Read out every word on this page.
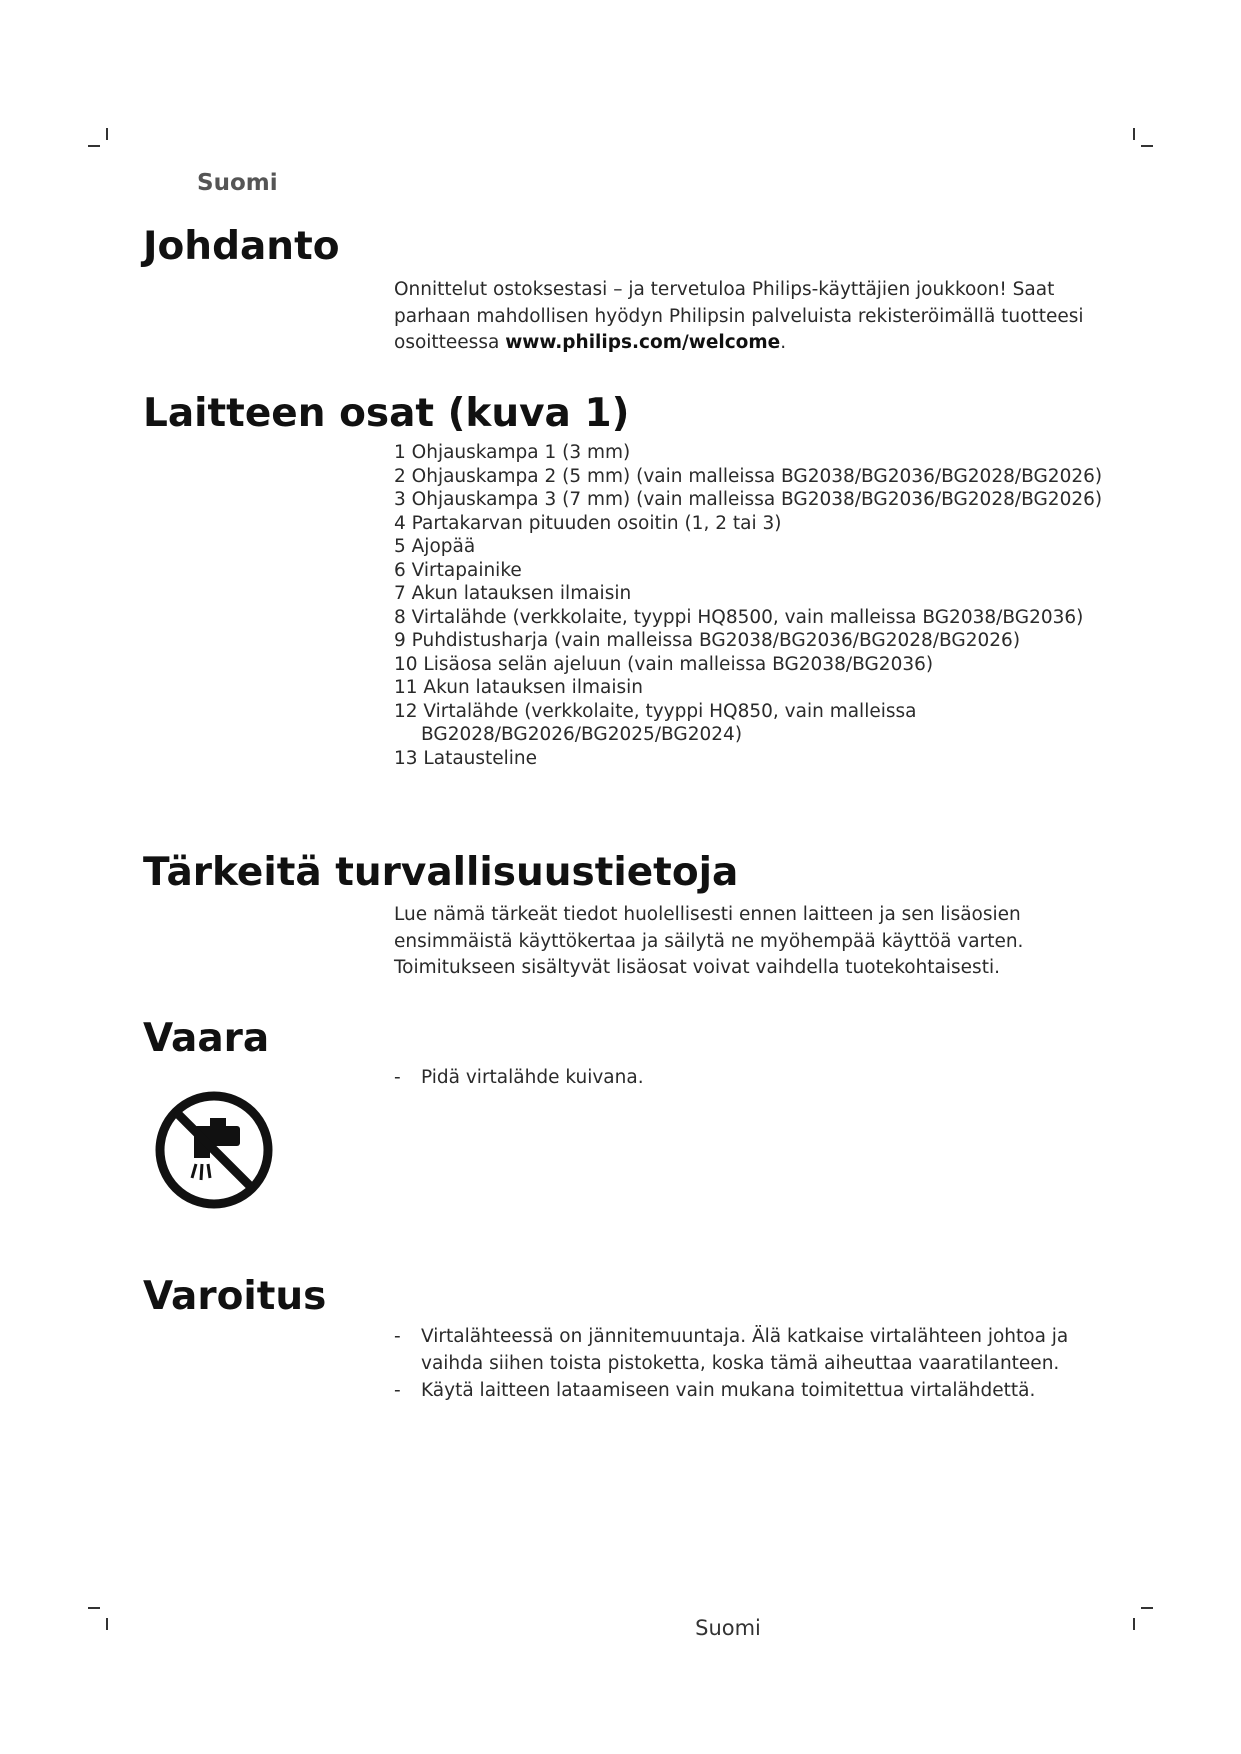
Suomi
Johdanto

Onnittelut ostoksestasi – ja tervetuloa Philips-käyttäjien joukkoon! Saat parhaan mahdollisen hyödyn Philipsin palveluista rekisteröimällä tuotteesi osoitteessa www.philips.com/welcome.

Laitteen osat (kuva 1)
1 Ohjauskampa 1 (3 mm)
2 Ohjauskampa 2 (5 mm) (vain malleissa BG2038/BG2036/BG2028/BG2026)
3 Ohjauskampa 3 (7 mm) (vain malleissa BG2038/BG2036/BG2028/BG2026)
4 Partakarvan pituuden osoitin (1, 2 tai 3)
5 Ajopää
6 Virtapainike
7 Akun latauksen ilmaisin
8 Virtalähde (verkkolaite, tyyppi HQ8500, vain malleissa BG2038/BG2036)
9 Puhdistusharja (vain malleissa BG2038/BG2036/BG2028/BG2026)
10 Lisäosa selän ajeluun (vain malleissa BG2038/BG2036)
11 Akun latauksen ilmaisin
12 Virtalähde (verkkolaite, tyyppi HQ850, vain malleissa BG2028/BG2026/BG2025/BG2024)
13 Latausteline
Tärkeitä turvallisuustietoja

Lue nämä tärkeät tiedot huolellisesti ennen laitteen ja sen lisäosien ensimmäistä käyttökertaa ja säilytä ne myöhempää käyttöä varten. Toimitukseen sisältyvät lisäosat voivat vaihdella tuotekohtaisesti.

Vaara
- Pidä virtalähde kuivana.
Varoitus
- Virtalähteessä on jännitemuuntaja. Älä katkaise virtalähteen johtoa ja vaihda siihen toista pistoketta, koska tämä aiheuttaa vaaratilanteen.
- Käytä laitteen lataamiseen vain mukana toimitettua virtalähdettä.
Suomi
